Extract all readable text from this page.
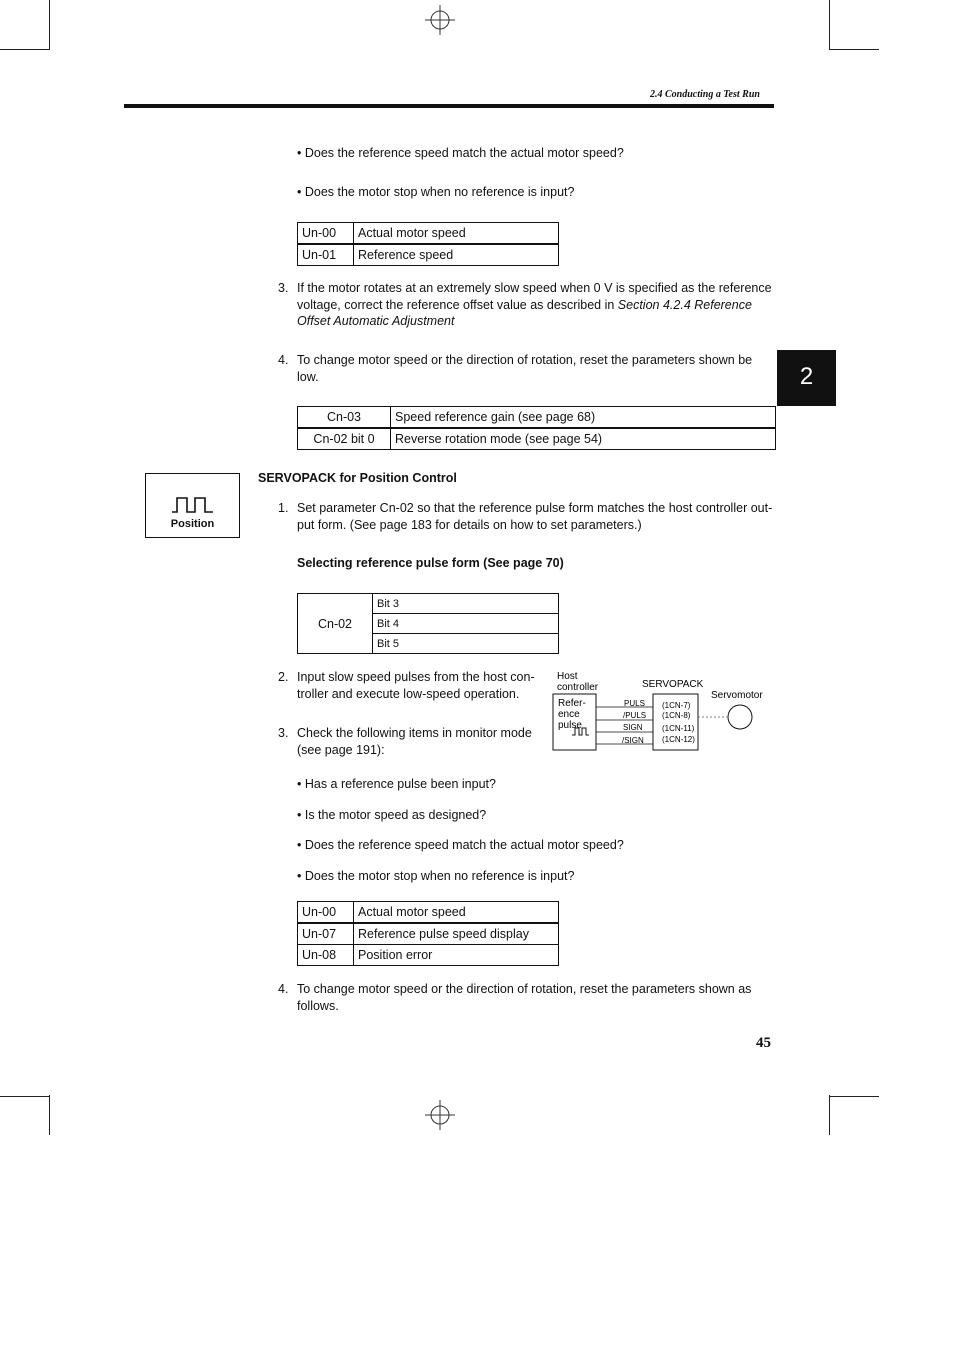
2.4 Conducting a Test Run
2
• Does the reference speed match the actual motor speed?
• Does the motor stop when no reference is input?
Un-00	Actual motor speed
Un-01	Reference speed
3. If the motor rotates at an extremely slow speed when 0 V is specified as the reference
voltage, correct the reference offset value as described in Section 4.2.4 Reference
Offset Automatic Adjustment
4. To change motor speed or the direction of rotation, reset the parameters shown be
low.
Cn-03	Speed reference gain (see page 68)
Cn-02 bit 0	Reverse rotation mode (see page 54)
Position
SERVOPACK for Position Control
1. Set parameter Cn-02 so that the reference pulse form matches the host controller out-
put form. (See page 183 for details on how to set parameters.)
Selecting reference pulse form (See page 70)
Cn-02	Bit 3
Bit 4
Bit 5
2. Input slow speed pulses from the host con-
troller and execute low-speed operation.
3. Check the following items in monitor mode
(see page 191):
Host
controller	SERVOPACK
Servomotor
Refer-
ence
pulse
PULS
/PULS
SIGN
/SIGN
(1CN-7)
(1CN-8)
(1CN-11)
(1CN-12)
• Has a reference pulse been input?
• Is the motor speed as designed?
• Does the reference speed match the actual motor speed?
• Does the motor stop when no reference is input?
Un-00	Actual motor speed
Un-07	Reference pulse speed display
Un-08	Position error
4. To change motor speed or the direction of rotation, reset the parameters shown as
follows.
45
